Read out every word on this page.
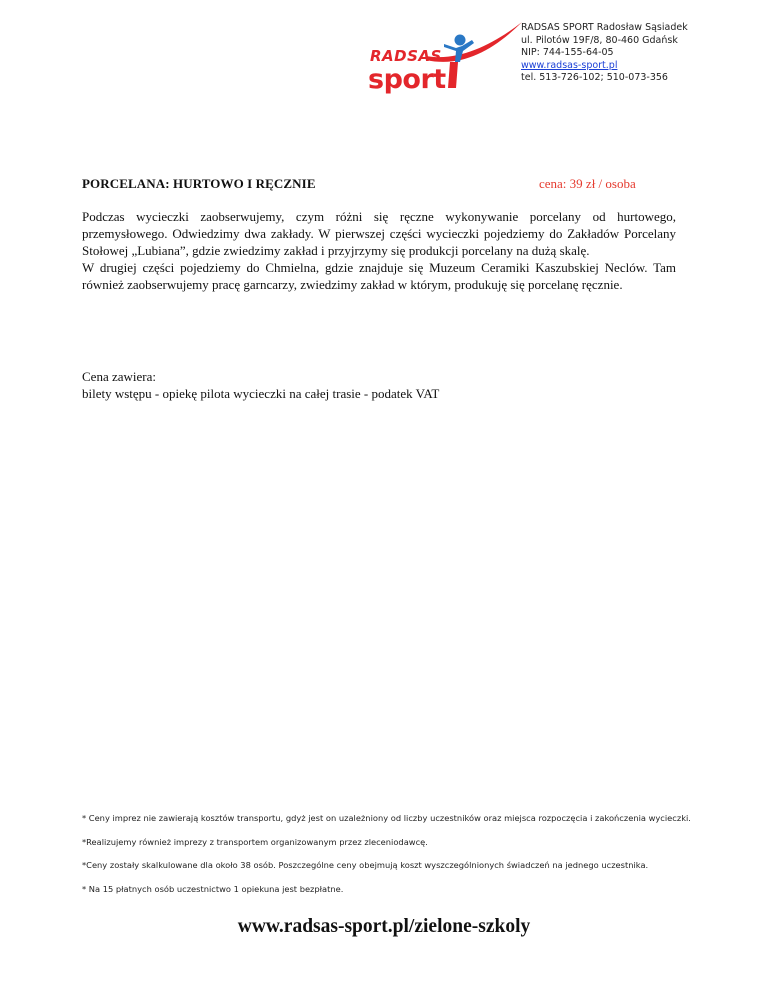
RADSAS
sport
RADSAS SPORT Radosław Sąsiadek
ul. Pilotów 19F/8, 80-460 Gdańsk
NIP: 744-155-64-05
www.radsas-sport.pl
tel. 513-726-102; 510-073-356
PORCELANA: HURTOWO I RĘCZNIE	cena: 39 zł / osoba

Podczas wycieczki zaobserwujemy, czym różni się ręczne wykonywanie porcelany od hurtowego, przemysłowego. Odwiedzimy dwa zakłady. W pierwszej części wycieczki pojedziemy do Zakładów Porcelany Stołowej „Lubiana”, gdzie zwiedzimy zakład i przyjrzymy się produkcji porcelany na dużą skalę.

W drugiej części pojedziemy do Chmielna, gdzie znajduje się Muzeum Ceramiki Kaszubskiej Neclów. Tam również zaobserwujemy pracę garncarzy, zwiedzimy zakład w którym, produkuję się porcelanę ręcznie.

Cena zawiera:

bilety wstępu - opiekę pilota wycieczki na całej trasie - podatek VAT

* Ceny imprez nie zawierają kosztów transportu, gdyż jest on uzależniony od liczby uczestników oraz miejsca rozpoczęcia i zakończenia wycieczki.

*Realizujemy również imprezy z transportem organizowanym przez zleceniodawcę.

*Ceny zostały skalkulowane dla około 38 osób. Poszczególne ceny obejmują koszt wyszczególnionych świadczeń na jednego uczestnika.

* Na 15 płatnych osób uczestnictwo 1 opiekuna jest bezpłatne.

www.radsas-sport.pl/zielone-szkoly
